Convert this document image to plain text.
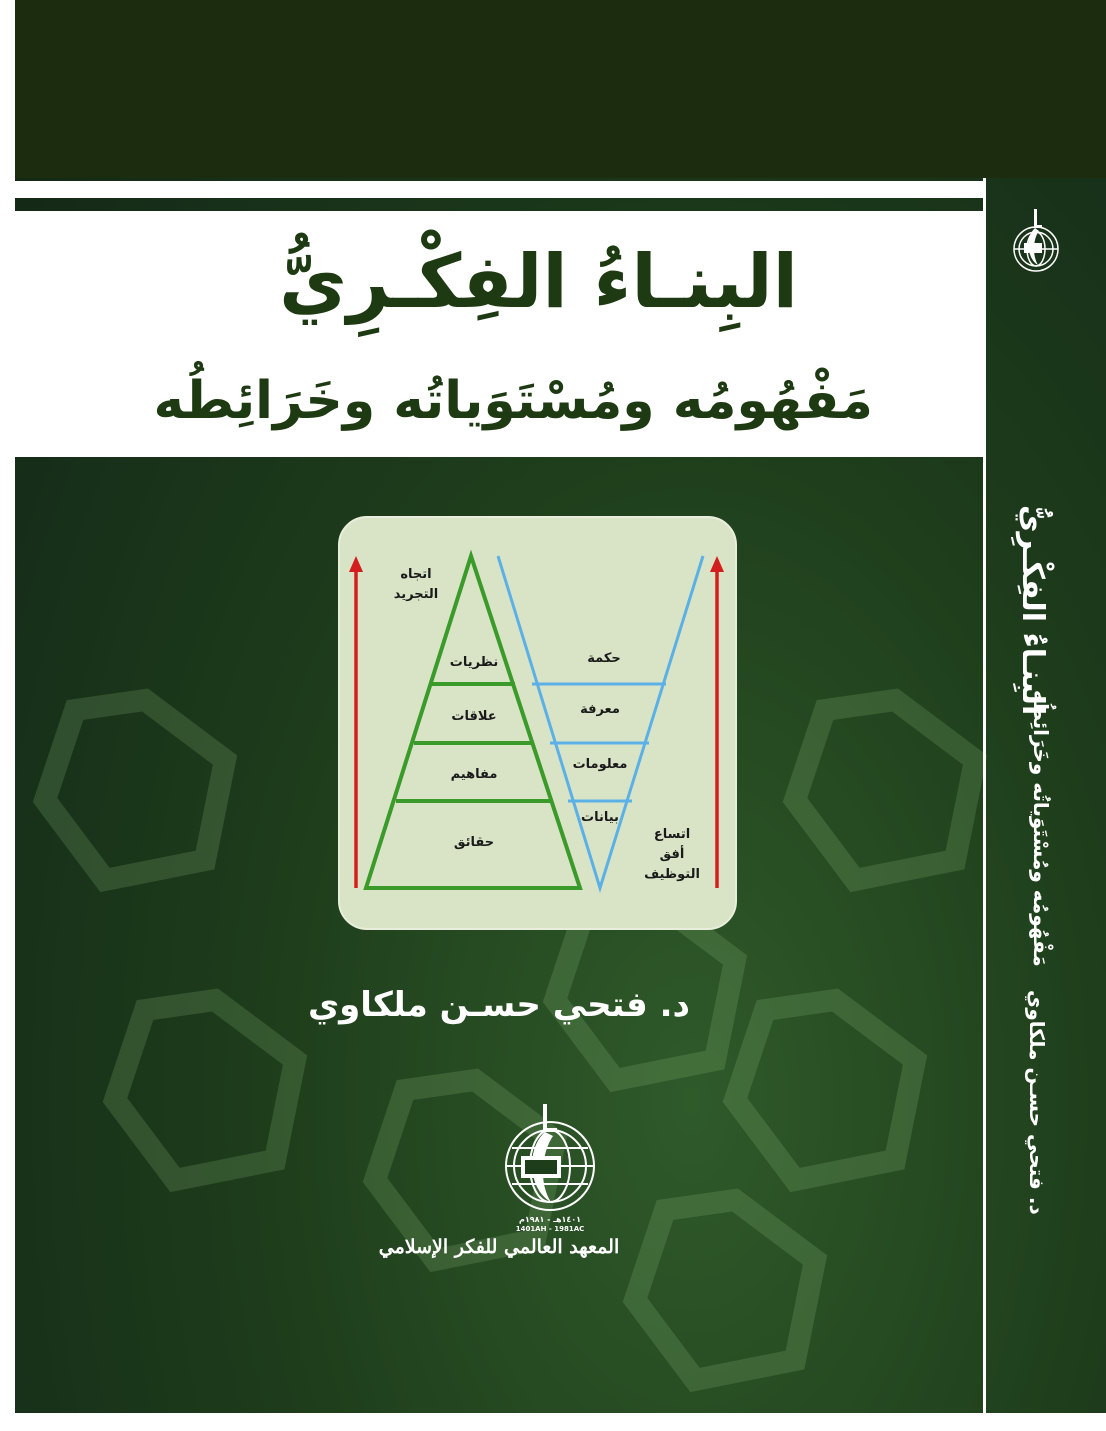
البِنـاءُ الفِكْـرِيُّ
مَفْهُومُه ومُسْتَوَياتُه وخَرَائِطُه
اتجاه
التجريد
نظريات
علاقات
مفاهيم
حقائق
حكمة
معرفة
معلومات
بيانات
اتساع
أفق
التوظيف
د. فتحي حسـن ملكاوي
١٤٠١هـ - ١٩٨١م
1401AH - 1981AC
المعهد العالمي للفكر الإسلامي
البِنـاءُ الفِكْـرِيُّ
مَفْهُومُه ومُسْتَوَياتُه وخَرَائِطُه
د. فتحي حسـن ملكاوي
